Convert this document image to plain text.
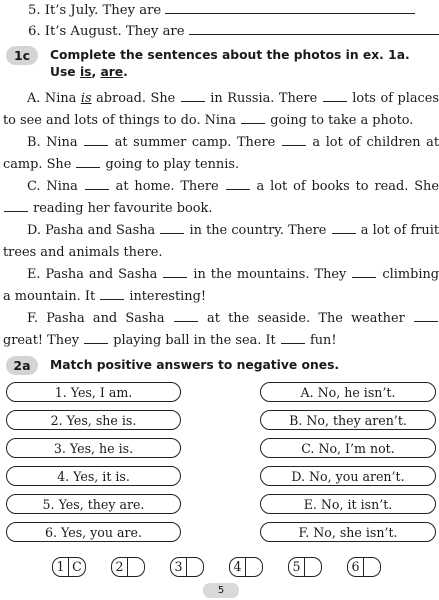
5. It’s July. They are
6. It’s August. They are
1c	Complete the sentences about the photos in ex. 1a. Use is, are.
A. Nina is abroad. She  in Russia. There  lots of places to see and lots of things to do. Nina  going to take a photo.
B. Nina  at summer camp. There  a lot of children at camp. She  going to play tennis.
C. Nina  at home. There  a lot of books to read. She  reading her favourite book.
D. Pasha and Sasha  in the country. There  a lot of fruit trees and animals there.
E. Pasha and Sasha  in the mountains. They  climbing a mountain. It  interesting!
F. Pasha and Sasha  at the seaside. The weather  great! They  playing ball in the sea. It  fun!
2a	Match positive answers to negative ones.
1. Yes, I am.
2. Yes, she is.
3. Yes, he is.
4. Yes, it is.
5. Yes, they are.
6. Yes, you are.
A. No, he isn’t.
B. No, they aren’t.
C. No, I’m not.
D. No, you aren’t.
E. No, it isn’t.
F. No, she isn’t.
1 C	2	3	4	5	6
5
